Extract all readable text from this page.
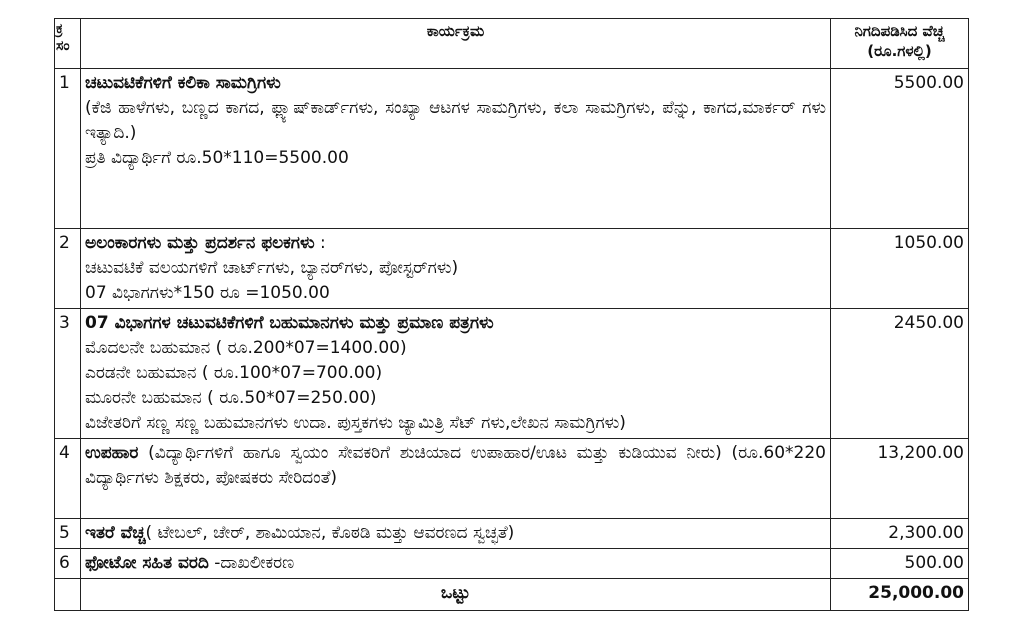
ಕ್ರ ಸಂ	ಕಾರ್ಯಕ್ರಮ	ನಿಗದಿಪಡಿಸಿದ ವೆಚ್ಚ
(ರೂ.ಗಳಲ್ಲಿ)

1	ಚಟುವಟಿಕೆಗಳಿಗೆ ಕಲಿಕಾ ಸಾಮಗ್ರಿಗಳು
(ಕೆಜಿ ಹಾಳೆಗಳು, ಬಣ್ಣದ ಕಾಗದ, ಫ್ಲ್ಯಾಷ್‌ಕಾರ್ಡ್‌ಗಳು, ಸಂಖ್ಯಾ ಆಟಗಳ ಸಾಮಗ್ರಿಗಳು, ಕಲಾ ಸಾಮಗ್ರಿಗಳು, ಪೆನ್ನು, ಕಾಗದ,ಮಾರ್ಕರ್ ಗಳು ಇತ್ಯಾದಿ.)
ಪ್ರತಿ ವಿದ್ಯಾರ್ಥಿಗೆ ರೂ.50*110=5500.00	5500.00
2	ಅಲಂಕಾರಗಳು ಮತ್ತು ಪ್ರದರ್ಶನ ಫಲಕಗಳು :
ಚಟುವಟಿಕೆ ವಲಯಗಳಿಗೆ ಚಾರ್ಟ್‌ಗಳು, ಬ್ಯಾನರ್‌ಗಳು, ಪೋಸ್ಟರ್‌ಗಳು)
07 ವಿಭಾಗಗಳು*150 ರೂ =1050.00	1050.00
3	07 ವಿಭಾಗಗಳ ಚಟುವಟಿಕೆಗಳಿಗೆ ಬಹುಮಾನಗಳು ಮತ್ತು ಪ್ರಮಾಣ ಪತ್ರಗಳು
ಮೊದಲನೇ ಬಹುಮಾನ ( ರೂ.200*07=1400.00)
ಎರಡನೇ ಬಹುಮಾನ ( ರೂ.100*07=700.00)
ಮೂರನೇ ಬಹುಮಾನ ( ರೂ.50*07=250.00)
ವಿಜೇತರಿಗೆ ಸಣ್ಣ ಸಣ್ಣ ಬಹುಮಾನಗಳು ಉದಾ. ಪುಸ್ತಕಗಳು ಜ್ಯಾಮಿತ್ರಿ ಸೆಟ್ ಗಳು,ಲೇಖನ ಸಾಮಗ್ರಿಗಳು)	2450.00
4	ಉಪಹಾರ (ವಿದ್ಯಾರ್ಥಿಗಳಿಗೆ ಹಾಗೂ ಸ್ವಯಂ ಸೇವಕರಿಗೆ ಶುಚಿಯಾದ ಉಪಾಹಾರ/ಊಟ ಮತ್ತು ಕುಡಿಯುವ ನೀರು) (ರೂ.60*220 ವಿದ್ಯಾರ್ಥಿಗಳು ಶಿಕ್ಷಕರು, ಪೋಷಕರು ಸೇರಿದಂತೆ)	13,200.00
5	ಇತರೆ ವೆಚ್ಚ( ಟೇಬಲ್, ಚೇರ್, ಶಾಮಿಯಾನ, ಕೊಠಡಿ ಮತ್ತು ಆವರಣದ ಸ್ವಚ್ಛತೆ)	2,300.00
6	ಫೋಟೋ ಸಹಿತ ವರದಿ -ದಾಖಲೀಕರಣ	500.00
	ಒಟ್ಟು	25,000.00
